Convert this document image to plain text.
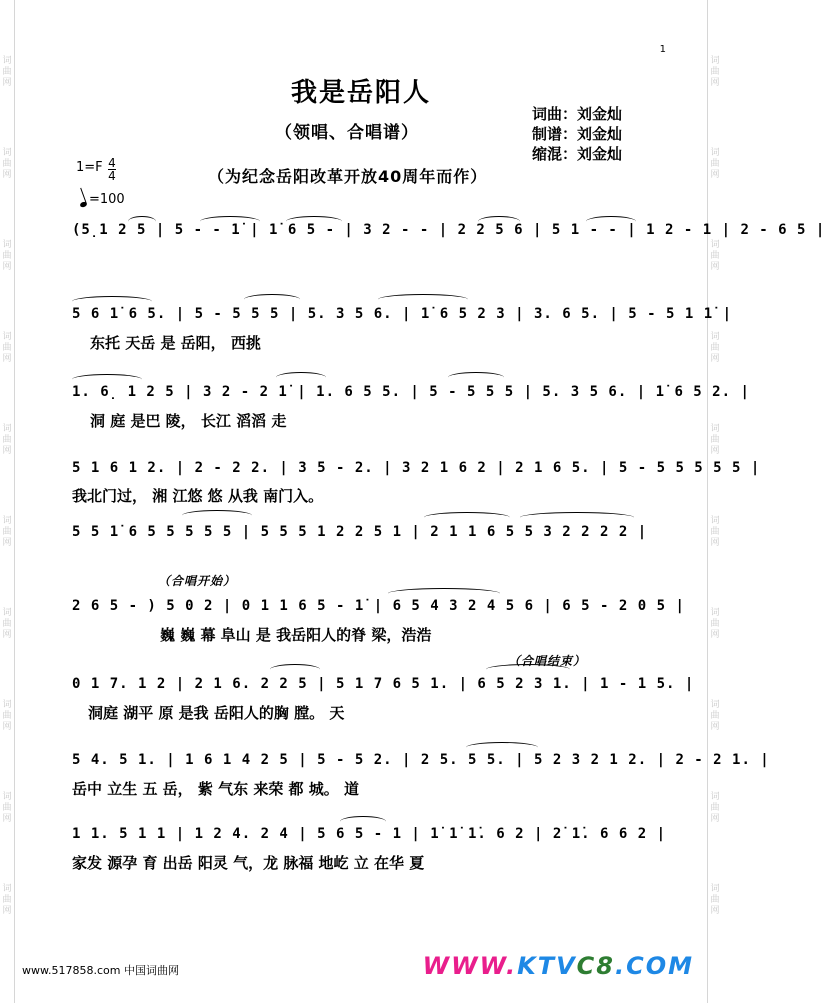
词
曲
网
词
曲
网
词
曲
网
词
曲
网
词
曲
网
词
曲
网
词
曲
网
词
曲
网
词
曲
网
词
曲
网
词
曲
网
词
曲
网
词
曲
网
词
曲
网
词
曲
网
词
曲
网
词
曲
网
词
曲
网
词
曲
网
词
曲
网
1
我是岳阳人
（领唱、合唱谱）
词曲：刘金灿
制谱：刘金灿
缩混：刘金灿
1=F 4
4	（为纪念岳阳改革开放40周年而作）
=100
(5̣1 2 5 | 5 - - 1̇ | 1̇ 6 5 - | 3 2 - - | 2 2 5 6 | 5 1 - - | 1 2 - 1 | 2 - 6 5 |
5 6 1̇ 6 5. | 5 - 5 5 5 | 5. 3 5 6. | 1̇ 6 5 2 3 | 3. 6 5. | 5 - 5 1 1̇ |
东托 天岳 是 岳阳， 西挑
1. 6̣ 1 2 5 | 3 2 - 2 1̇ | 1. 6 5 5. | 5 - 5 5 5 | 5. 3 5 6. | 1̇ 6 5 2. |
洞 庭 是巴 陵， 长江 滔滔 走
5 1 6 1 2. | 2 - 2 2. | 3 5 - 2. | 3 2 1 6 2 | 2 1 6 5. | 5 - 5 5 5 5 5 |
我北门过， 湘 江悠 悠 从我 南门入。
5 5 1̇ 6 5 5 5 5 5 | 5 5 5 1 2 2 5 1 | 2 1 1 6 5 5 3 2 2 2 2 |
（合唱开始）
2 6 5 - ) 5 0 2 | 0 1 1 6 5 - 1̇ | 6 5 4 3 2 4 5 6 | 6 5 - 2 0 5 |
巍 巍 幕 阜山 是 我岳阳人的脊 梁，浩浩
（合唱结束）
0 1 7. 1 2 | 2 1 6. 2 2 5 | 5 1 7 6 5 1. | 6 5 2 3 1. | 1 - 1 5. |
洞庭 湖平 原 是我 岳阳人的胸 膛。 天
5 4. 5 1. | 1 6 1 4 2 5 | 5 - 5 2. | 2 5. 5 5. | 5 2 3 2 1 2. | 2 - 2 1. |
岳中 立生 五 岳， 紫 气东 来荣 都 城。 道
1 1. 5 1 1 | 1 2 4. 2 4 | 5 6 5 - 1 | 1̇ 1̇ 1̇. 6 2 | 2̇ 1̇. 6 6 2 |
家发 源孕 育 出岳 阳灵 气，龙 脉福 地屹 立 在华 夏
www.517858.com 中国词曲网	WWW.KTVC8.COM
